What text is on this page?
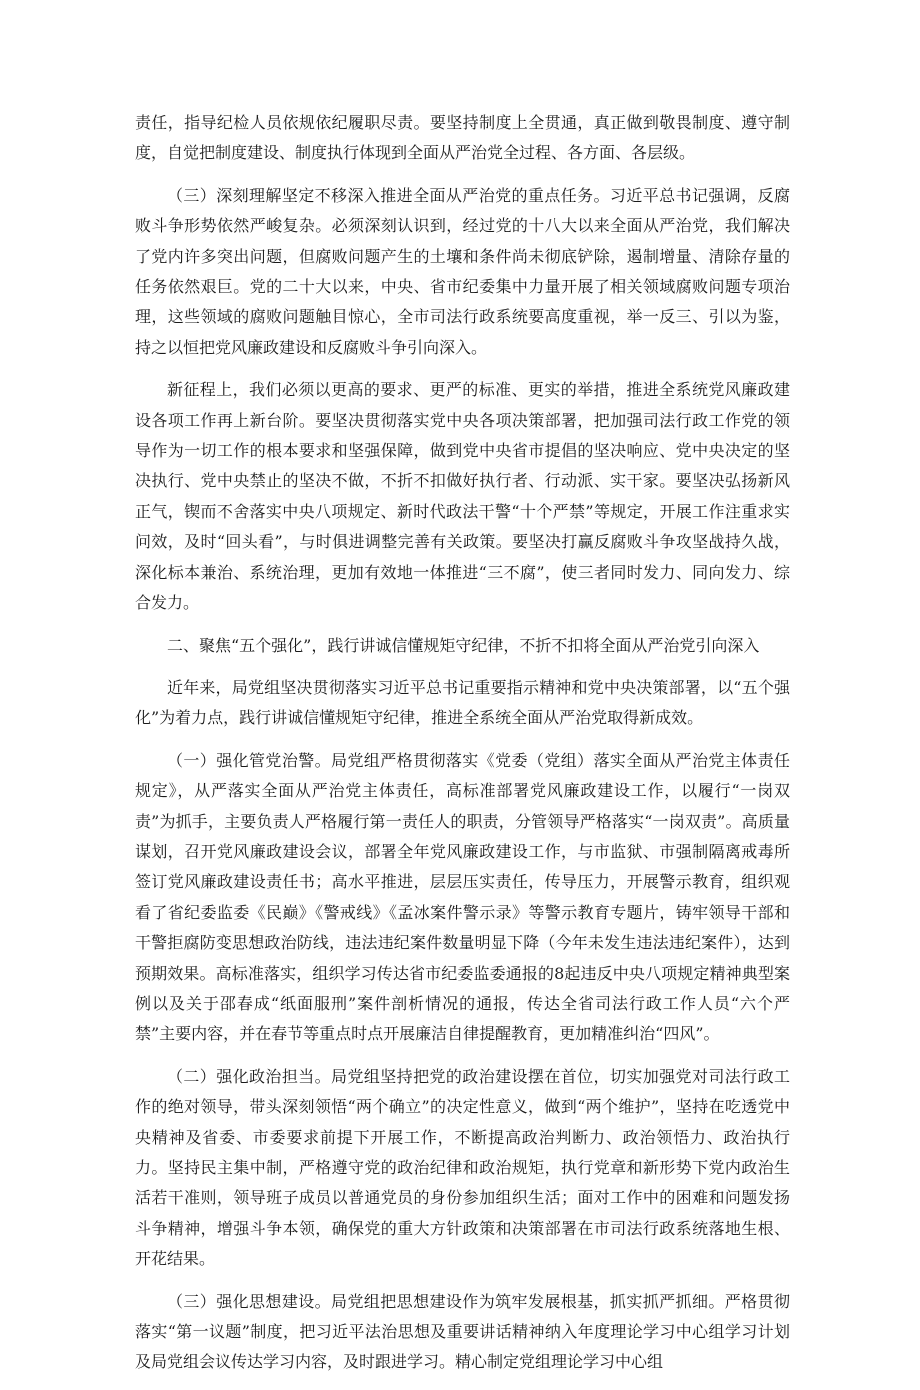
责任，指导纪检人员依规依纪履职尽责。要坚持制度上全贯通，真正做到敬畏制度、遵守制度，自觉把制度建设、制度执行体现到全面从严治党全过程、各方面、各层级。

（三）深刻理解坚定不移深入推进全面从严治党的重点任务。习近平总书记强调，反腐败斗争形势依然严峻复杂。必须深刻认识到，经过党的十八大以来全面从严治党，我们解决了党内许多突出问题，但腐败问题产生的土壤和条件尚未彻底铲除，遏制增量、清除存量的任务依然艰巨。党的二十大以来，中央、省市纪委集中力量开展了相关领域腐败问题专项治理，这些领域的腐败问题触目惊心，全市司法行政系统要高度重视，举一反三、引以为鉴，持之以恒把党风廉政建设和反腐败斗争引向深入。

新征程上，我们必须以更高的要求、更严的标准、更实的举措，推进全系统党风廉政建设各项工作再上新台阶。要坚决贯彻落实党中央各项决策部署，把加强司法行政工作党的领导作为一切工作的根本要求和坚强保障，做到党中央省市提倡的坚决响应、党中央决定的坚决执行、党中央禁止的坚决不做，不折不扣做好执行者、行动派、实干家。要坚决弘扬新风正气，锲而不舍落实中央八项规定、新时代政法干警“十个严禁”等规定，开展工作注重求实问效，及时“回头看”，与时俱进调整完善有关政策。要坚决打赢反腐败斗争攻坚战持久战，深化标本兼治、系统治理，更加有效地一体推进“三不腐”，使三者同时发力、同向发力、综合发力。

二、聚焦“五个强化”，践行讲诚信懂规矩守纪律，不折不扣将全面从严治党引向深入

近年来，局党组坚决贯彻落实习近平总书记重要指示精神和党中央决策部署，以“五个强化”为着力点，践行讲诚信懂规矩守纪律，推进全系统全面从严治党取得新成效。

（一）强化管党治警。局党组严格贯彻落实《党委（党组）落实全面从严治党主体责任规定》，从严落实全面从严治党主体责任，高标准部署党风廉政建设工作，以履行“一岗双责”为抓手，主要负责人严格履行第一责任人的职责，分管领导严格落实“一岗双责”。高质量谋划，召开党风廉政建设会议，部署全年党风廉政建设工作，与市监狱、市强制隔离戒毒所签订党风廉政建设责任书；高水平推进，层层压实责任，传导压力，开展警示教育，组织观看了省纪委监委《民巅》《警戒线》《孟冰案件警示录》等警示教育专题片，铸牢领导干部和干警拒腐防变思想政治防线，违法违纪案件数量明显下降（今年未发生违法违纪案件），达到预期效果。高标准落实，组织学习传达省市纪委监委通报的8起违反中央八项规定精神典型案例以及关于邵春成“纸面服刑”案件剖析情况的通报，传达全省司法行政工作人员“六个严禁”主要内容，并在春节等重点时点开展廉洁自律提醒教育，更加精准纠治“四风”。

（二）强化政治担当。局党组坚持把党的政治建设摆在首位，切实加强党对司法行政工作的绝对领导，带头深刻领悟“两个确立”的决定性意义，做到“两个维护”，坚持在吃透党中央精神及省委、市委要求前提下开展工作，不断提高政治判断力、政治领悟力、政治执行力。坚持民主集中制，严格遵守党的政治纪律和政治规矩，执行党章和新形势下党内政治生活若干准则，领导班子成员以普通党员的身份参加组织生活；面对工作中的困难和问题发扬斗争精神，增强斗争本领，确保党的重大方针政策和决策部署在市司法行政系统落地生根、开花结果。

（三）强化思想建设。局党组把思想建设作为筑牢发展根基，抓实抓严抓细。严格贯彻落实“第一议题”制度，把习近平法治思想及重要讲话精神纳入年度理论学习中心组学习计划及局党组会议传达学习内容，及时跟进学习。精心制定党组理论学习中心组
